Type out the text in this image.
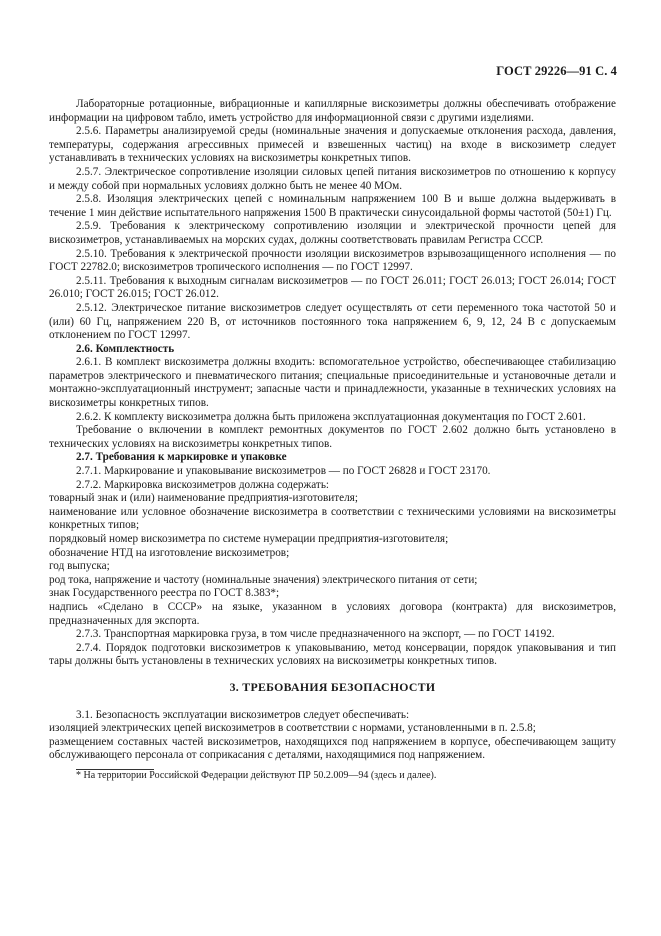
ГОСТ 29226—91 С. 4

Лабораторные ротационные, вибрационные и капиллярные вискозиметры должны обеспечивать отображение информации на цифровом табло, иметь устройство для информационной связи с другими изделиями.

2.5.6. Параметры анализируемой среды (номинальные значения и допускаемые отклонения расхода, давления, температуры, содержания агрессивных примесей и взвешенных частиц) на входе в вискозиметр следует устанавливать в технических условиях на вискозиметры конкретных типов.

2.5.7. Электрическое сопротивление изоляции силовых цепей питания вискозиметров по отношению к корпусу и между собой при нормальных условиях должно быть не менее 40 МОм.

2.5.8. Изоляция электрических цепей с номинальным напряжением 100 В и выше должна выдерживать в течение 1 мин действие испытательного напряжения 1500 В практически синусоидальной формы частотой (50±1) Гц.

2.5.9. Требования к электрическому сопротивлению изоляции и электрической прочности цепей для вискозиметров, устанавливаемых на морских судах, должны соответствовать правилам Регистра СССР.

2.5.10. Требования к электрической прочности изоляции вискозиметров взрывозащищенного исполнения — по ГОСТ 22782.0; вискозиметров тропического исполнения — по ГОСТ 12997.

2.5.11. Требования к выходным сигналам вискозиметров — по ГОСТ 26.011; ГОСТ 26.013; ГОСТ 26.014; ГОСТ 26.010; ГОСТ 26.015; ГОСТ 26.012.

2.5.12. Электрическое питание вискозиметров следует осуществлять от сети переменного тока частотой 50 и (или) 60 Гц, напряжением 220 В, от источников постоянного тока напряжением 6, 9, 12, 24 В с допускаемым отклонением по ГОСТ 12997.

2.6. Комплектность

2.6.1. В комплект вискозиметра должны входить: вспомогательное устройство, обеспечивающее стабилизацию параметров электрического и пневматического питания; специальные присоединительные и установочные детали и монтажно-эксплуатационный инструмент; запасные части и принадлежности, указанные в технических условиях на вискозиметры конкретных типов.

2.6.2. К комплекту вискозиметра должна быть приложена эксплуатационная документация по ГОСТ 2.601.

Требование о включении в комплект ремонтных документов по ГОСТ 2.602 должно быть установлено в технических условиях на вискозиметры конкретных типов.

2.7. Требования к маркировке и упаковке

2.7.1. Маркирование и упаковывание вискозиметров — по ГОСТ 26828 и ГОСТ 23170.

2.7.2. Маркировка вискозиметров должна содержать:

товарный знак и (или) наименование предприятия-изготовителя;

наименование или условное обозначение вискозиметра в соответствии с техническими условиями на вискозиметры конкретных типов;

порядковый номер вискозиметра по системе нумерации предприятия-изготовителя;

обозначение НТД на изготовление вискозиметров;

год выпуска;

род тока, напряжение и частоту (номинальные значения) электрического питания от сети;

знак Государственного реестра по ГОСТ 8.383*;

надпись «Сделано в СССР» на языке, указанном в условиях договора (контракта) для вискозиметров, предназначенных для экспорта.

2.7.3. Транспортная маркировка груза, в том числе предназначенного на экспорт, — по ГОСТ 14192.

2.7.4. Порядок подготовки вискозиметров к упаковыванию, метод консервации, порядок упаковывания и тип тары должны быть установлены в технических условиях на вискозиметры конкретных типов.

3. ТРЕБОВАНИЯ БЕЗОПАСНОСТИ

3.1. Безопасность эксплуатации вискозиметров следует обеспечивать:

изоляцией электрических цепей вискозиметров в соответствии с нормами, установленными в п. 2.5.8;

размещением составных частей вискозиметров, находящихся под напряжением в корпусе, обеспечивающем защиту обслуживающего персонала от соприкасания с деталями, находящимися под напряжением.

* На территории Российской Федерации действуют ПР 50.2.009—94 (здесь и далее).
